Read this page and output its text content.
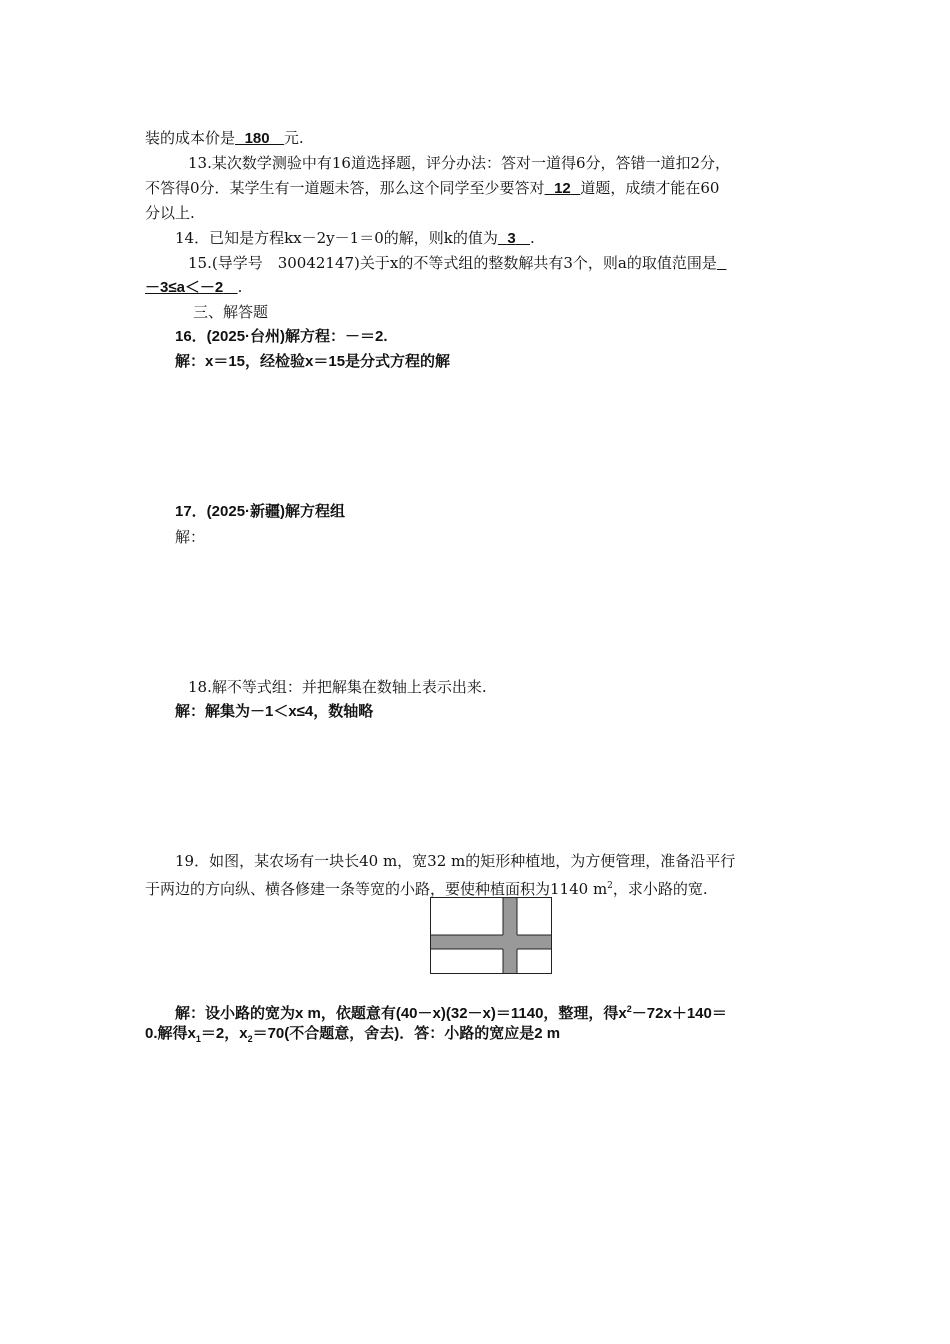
装的成本价是 180 元.
13.某次数学测验中有16道选择题，评分办法：答对一道得6分，答错一道扣2分，
不答得0分．某学生有一道题未答，那么这个同学至少要答对 12 道题，成绩才能在60
分以上.
14．已知是方程kx－2y－1＝0的解，则k的值为 3 .
15.(导学号　30042147)关于x的不等式组的整数解共有3个，则a的取值范围是
－3≤a＜－2 .
三、解答题
16．(2025·台州)解方程：－＝2.
解：x＝15，经检验x＝15是分式方程的解
17．(2025·新疆)解方程组
解：
18.解不等式组：并把解集在数轴上表示出来.
解：解集为－1＜x≤4，数轴略
19．如图，某农场有一块长40 m，宽32 m的矩形种植地，为方便管理，准备沿平行
于两边的方向纵、横各修建一条等宽的小路，要使种植面积为1140 $m^2$，求小路的宽.
解：设小路的宽为x m，依题意有(40－x)(32－x)＝1140，整理，得$x^2-72x+140=$
0.解得$x_1=2$，$x_2=70$(不合题意，舍去)．答：小路的宽应是2 m
